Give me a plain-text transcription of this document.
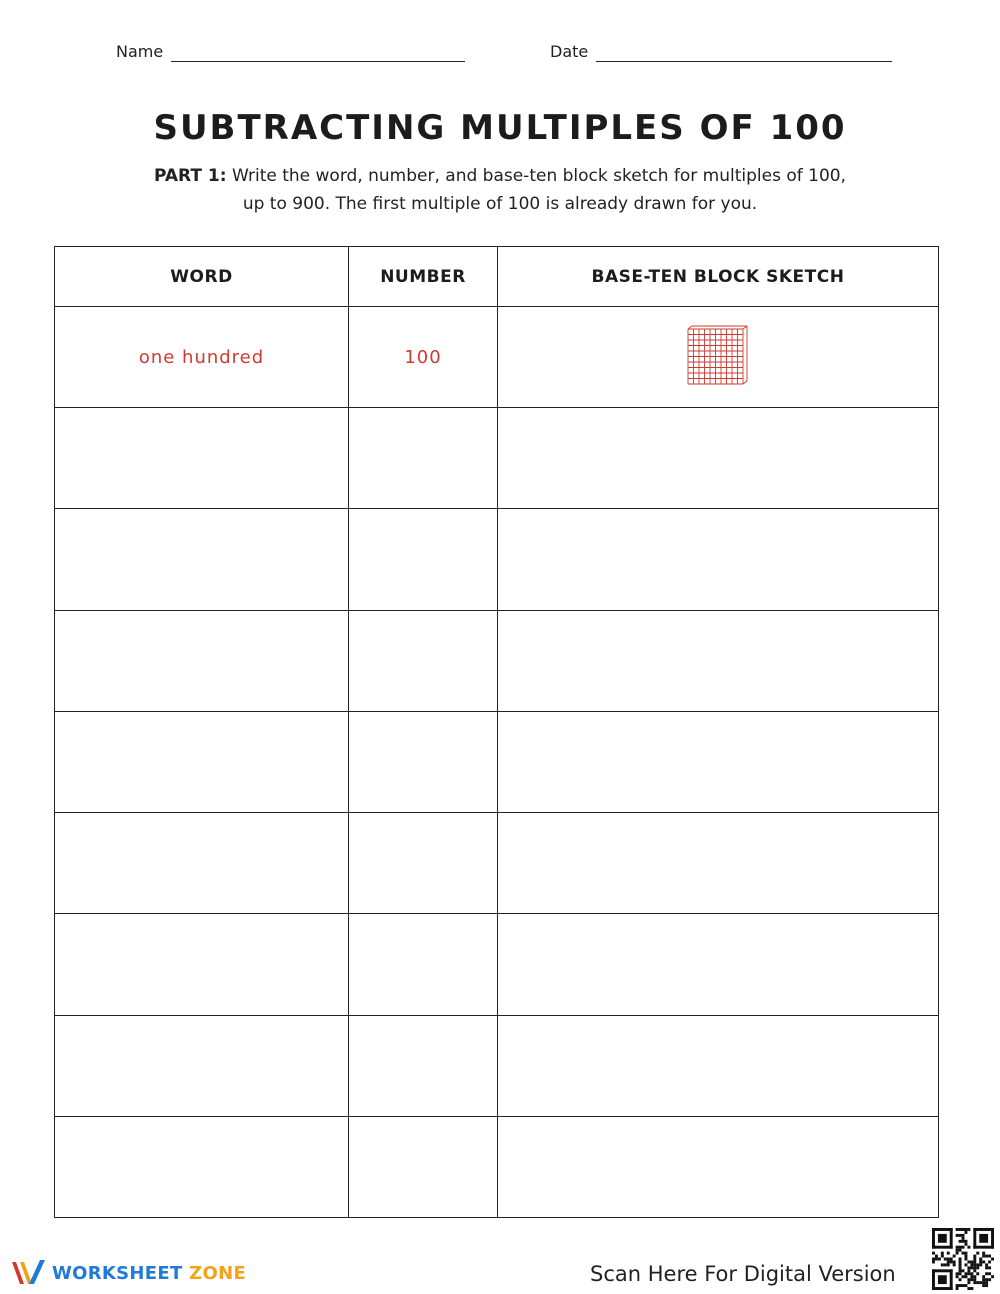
Name	Date
SUBTRACTING MULTIPLES OF 100
PART 1: Write the word, number, and base-ten block sketch for multiples of 100,
up to 900. The first multiple of 100 is already drawn for you.
WORD	NUMBER	BASE-TEN BLOCK SKETCH
one hundred	100	

WORKSHEET ZONE	Scan Here For Digital Version
